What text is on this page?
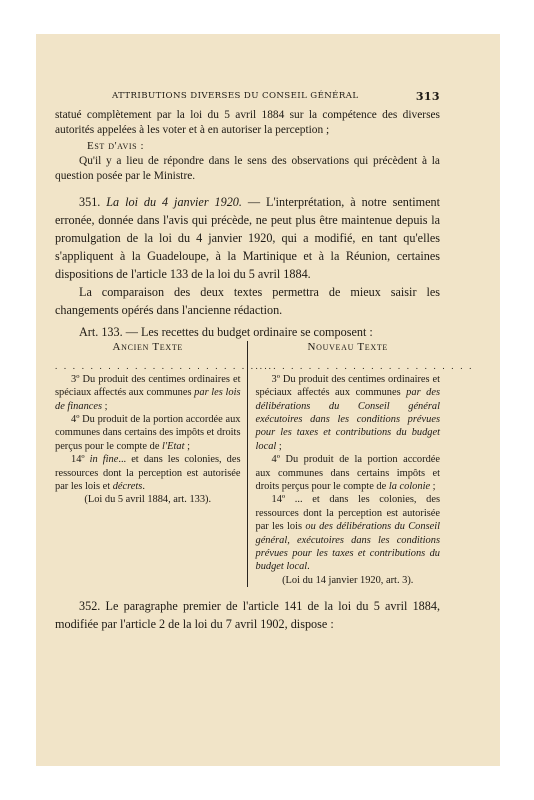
ATTRIBUTIONS DIVERSES DU CONSEIL GÉNÉRAL	313

statué complètement par la loi du 5 avril 1884 sur la compétence des diverses autorités appelées à les voter et à en autoriser la perception ;

Est d'avis :

Qu'il y a lieu de répondre dans le sens des observations qui précèdent à la question posée par le Ministre.

351. La loi du 4 janvier 1920. — L'interprétation, à notre sentiment erronée, donnée dans l'avis qui précède, ne peut plus être maintenue depuis la promulgation de la loi du 4 janvier 1920, qui a modifié, en tant qu'elles s'appliquent à la Guadeloupe, à la Martinique et à la Réunion, certaines dispositions de l'article 133 de la loi du 5 avril 1884.

La comparaison des deux textes permettra de mieux saisir les changements opérés dans l'ancienne rédaction.

Art. 133. — Les recettes du budget ordinaire se composent :

Ancien Texte
. . . . . . . . . . . . . . . . . . . . . . . . .

3º Du produit des centimes ordinaires et spéciaux affectés aux communes par les lois de finances ;

4º Du produit de la portion accordée aux communes dans certains des impôts et droits perçus pour le compte de l'Etat ;

14º in fine... et dans les colonies, des ressources dont la perception est autorisée par les lois et décrets.

(Loi du 5 avril 1884, art. 133).

Nouveau Texte
. . . . . . . . . . . . . . . . . . . . . . . . .

3º Du produit des centimes ordinaires et spéciaux affectés aux communes par des délibérations du Conseil général exécutoires dans les conditions prévues pour les taxes et contributions du budget local ;

4º Du produit de la portion accordée aux communes dans certains impôts et droits perçus pour le compte de la colonie ;

14º ... et dans les colonies, des ressources dont la perception est autorisée par les lois ou des délibérations du Conseil général, exécutoires dans les conditions prévues pour les taxes et contributions du budget local.

(Loi du 14 janvier 1920, art. 3).

352. Le paragraphe premier de l'article 141 de la loi du 5 avril 1884, modifiée par l'article 2 de la loi du 7 avril 1902, dispose :
